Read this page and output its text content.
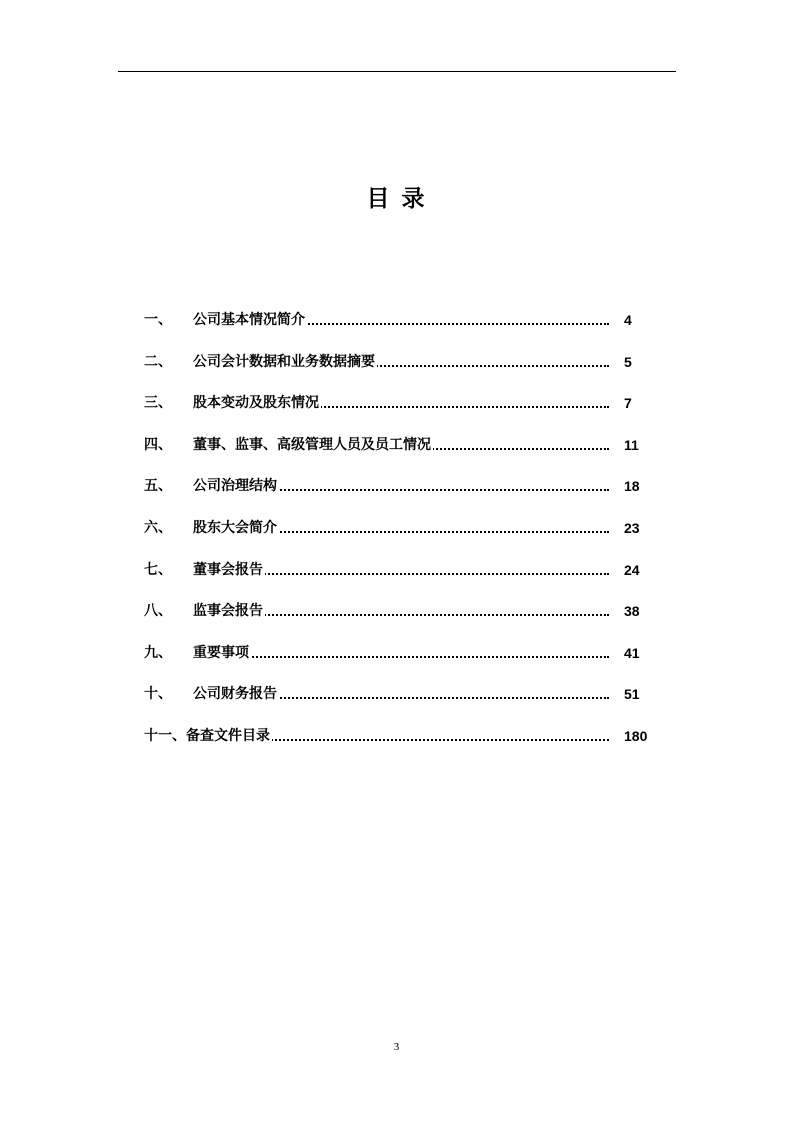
目 录
一、 公司基本情况简介	4
二、 公司会计数据和业务数据摘要	5
三、 股本变动及股东情况	7
四、 董事、监事、高级管理人员及员工情况	11
五、 公司治理结构	18
六、 股东大会简介	23
七、 董事会报告	24
八、 监事会报告	38
九、 重要事项	41
十、 公司财务报告	51
十一、备查文件目录	180
3
